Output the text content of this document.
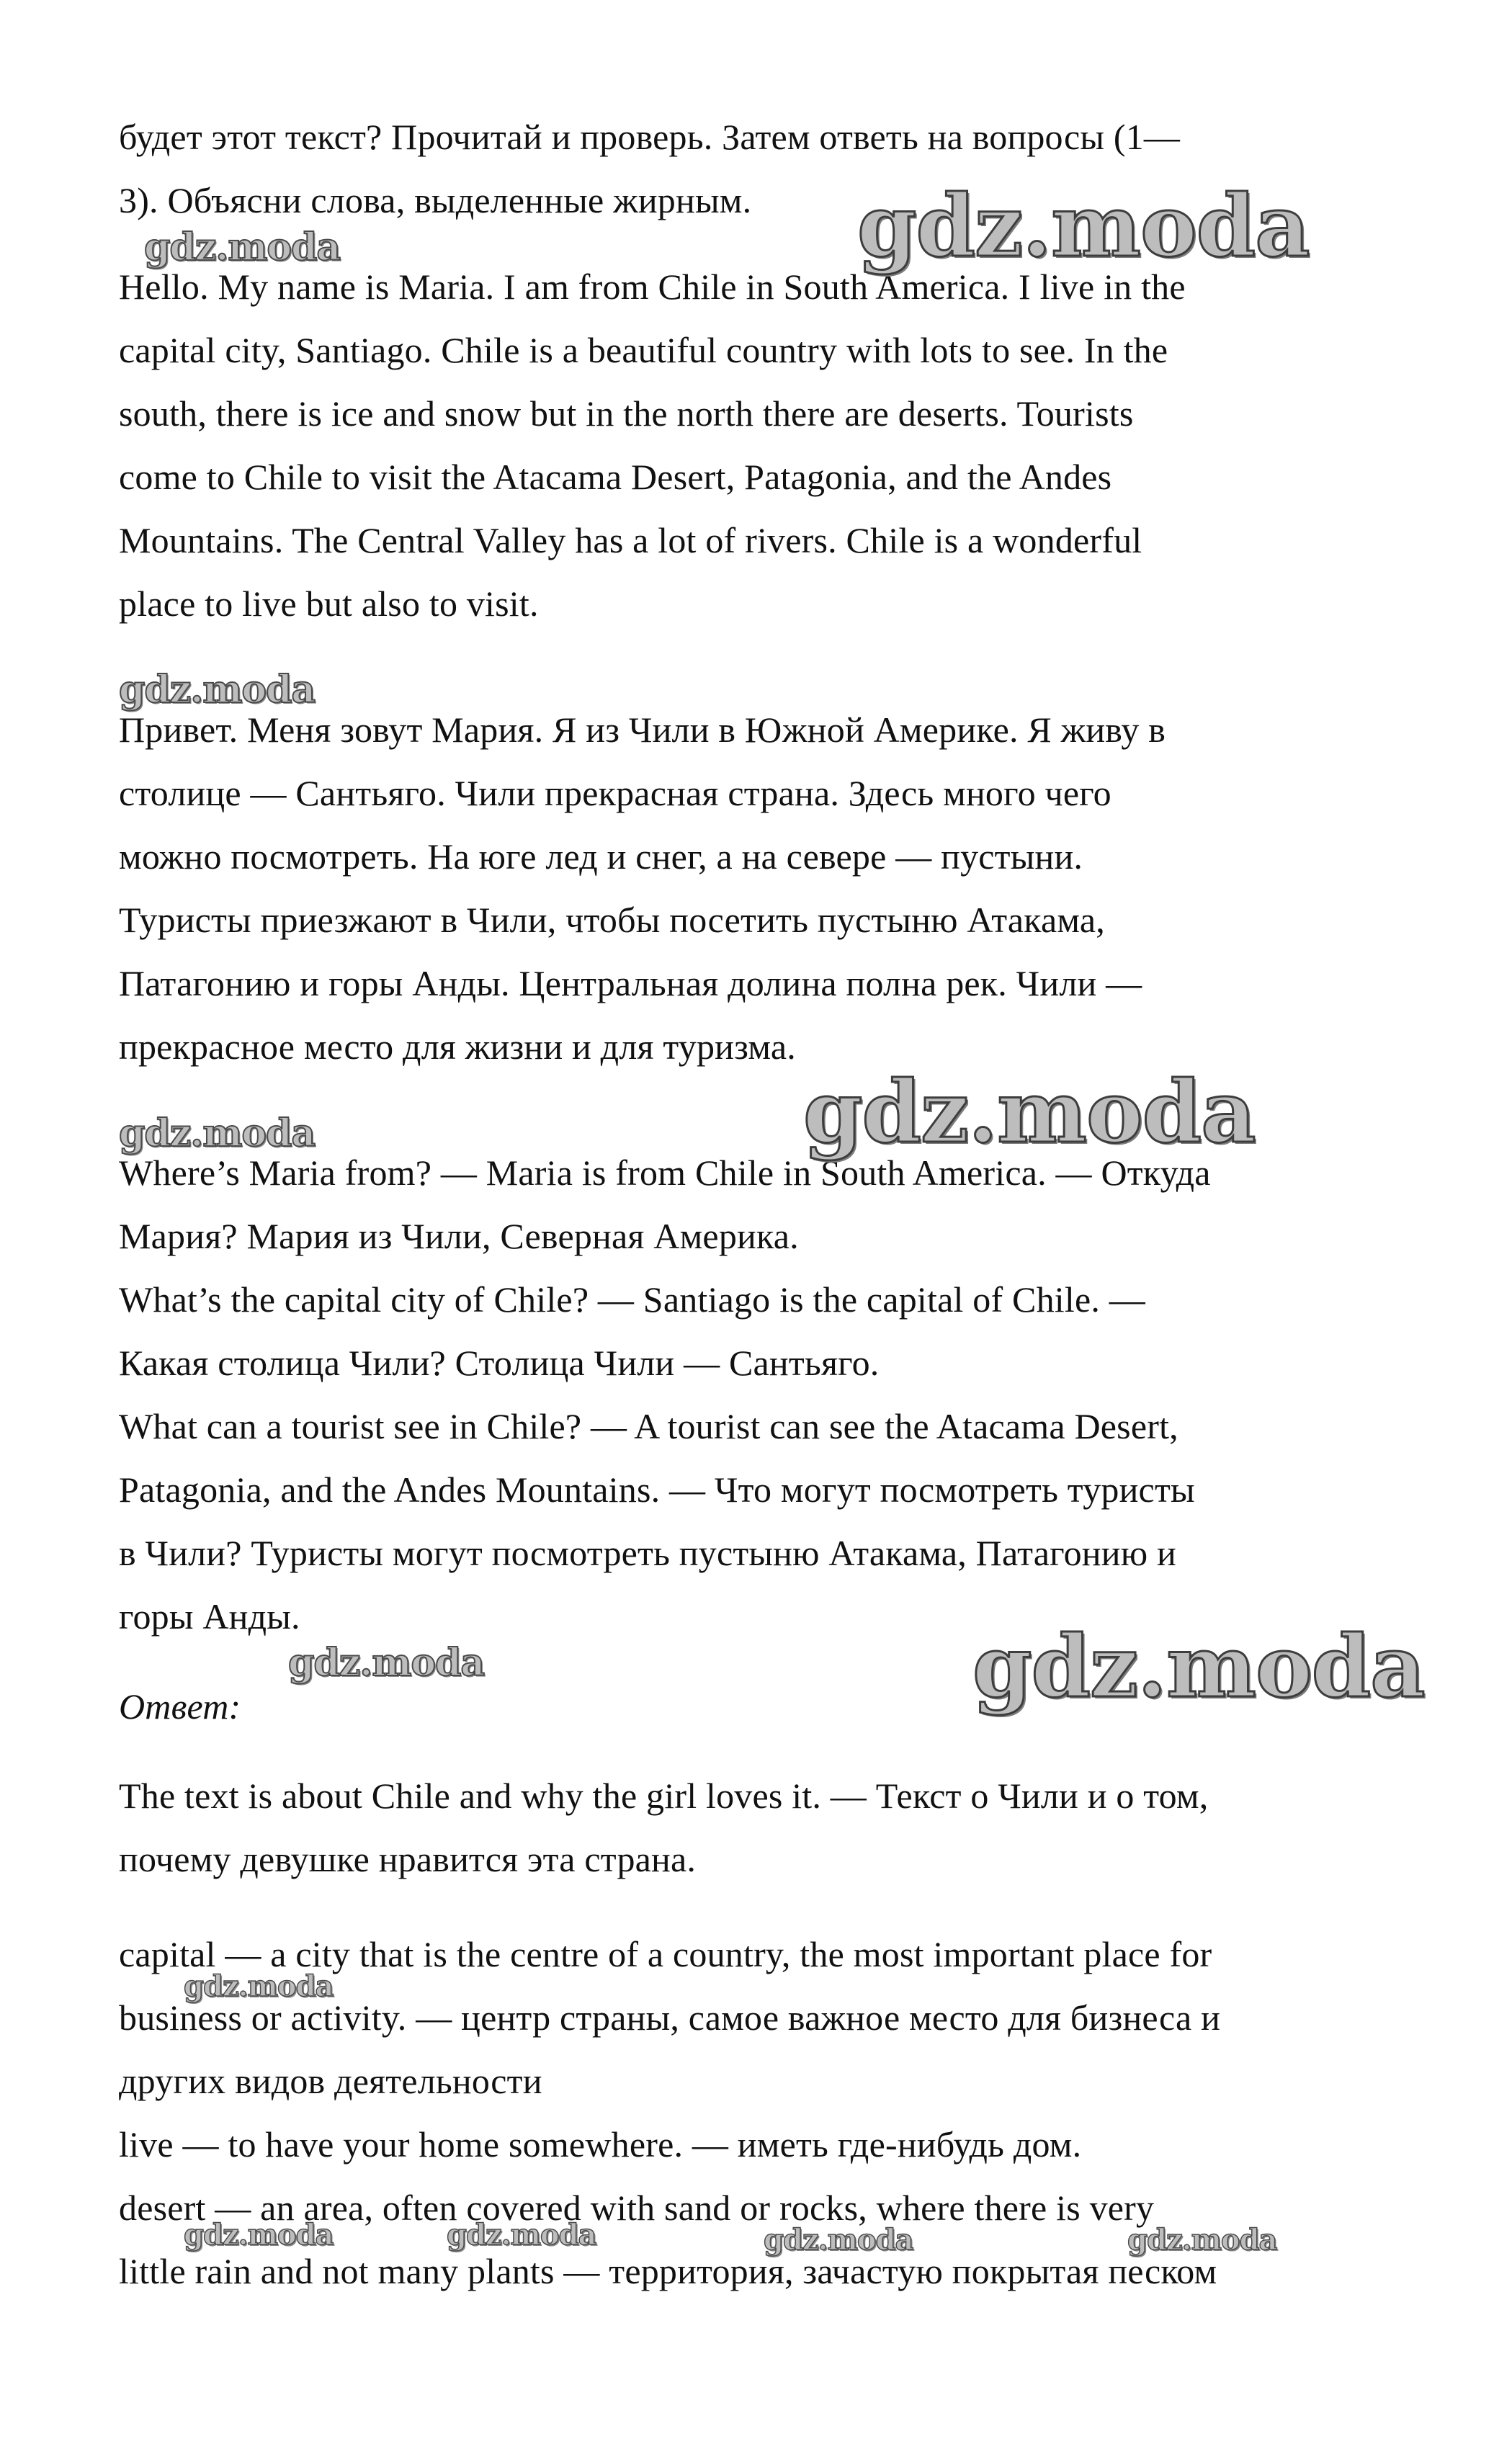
будет этот текст? Прочитай и проверь. Затем ответь на вопросы (1—
3). Объясни слова, выделенные жирным.
Hello. My name is Maria. I am from Chile in South America. I live in the
capital city, Santiago. Chile is a beautiful country with lots to see. In the
south, there is ice and snow but in the north there are deserts. Tourists
come to Chile to visit the Atacama Desert, Patagonia, and the Andes
Mountains. The Central Valley has a lot of rivers. Chile is a wonderful
place to live but also to visit.
Привет. Меня зовут Мария. Я из Чили в Южной Америке. Я живу в
столице — Сантьяго. Чили прекрасная страна. Здесь много чего
можно посмотреть. На юге лед и снег, а на севере — пустыни.
Туристы приезжают в Чили, чтобы посетить пустыню Атакама,
Патагонию и горы Анды. Центральная долина полна рек. Чили —
прекрасное место для жизни и для туризма.
Where’s Maria from? — Maria is from Chile in South America. — Откуда
Мария? Мария из Чили, Северная Америка.
What’s the capital city of Chile? — Santiago is the capital of Chile. —
Какая столица Чили? Столица Чили — Сантьяго.
What can a tourist see in Chile? — A tourist can see the Atacama Desert,
Patagonia, and the Andes Mountains. — Что могут посмотреть туристы
в Чили? Туристы могут посмотреть пустыню Атакама, Патагонию и
горы Анды.
Ответ:
The text is about Chile and why the girl loves it. — Текст о Чили и о том,
почему девушке нравится эта страна.
capital — a city that is the centre of a country, the most important place for
business or activity. — центр страны, самое важное место для бизнеса и
других видов деятельности
live — to have your home somewhere. — иметь где-нибудь дом.
desert — an area, often covered with sand or rocks, where there is very
little rain and not many plants — территория, зачастую покрытая песком
gdz.moda
gdz.moda
gdz.moda
gdz.moda
gdz.moda
gdz.moda	gdz.moda
gdz.moda
gdz.moda	gdz.moda	gdz.moda	gdz.moda
